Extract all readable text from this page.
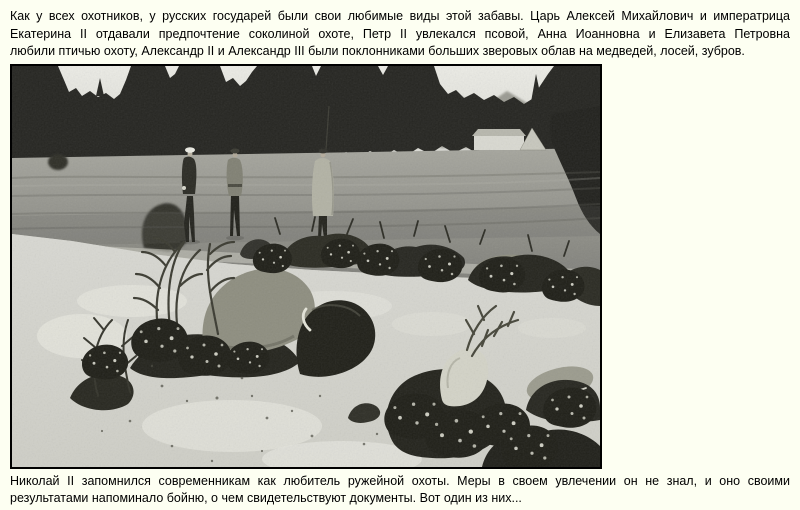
Как у всех охотников, у русских государей были свои любимые виды этой забавы. Царь Алексей Михайлович и императрица
Екатерина II отдавали предпочтение соколиной охоте, Петр II увлекался псовой, Анна Иоанновна и Елизавета Петровна
любили птичью охоту, Александр II и Александр III были поклонниками больших зверовых облав на медведей, лосей, зубров.
Николай II запомнился современникам как любитель ружейной охоты. Меры в своем увлечении он не знал, и оно своими
результатами напоминало бойню, о чем свидетельствуют документы. Вот один из них...
